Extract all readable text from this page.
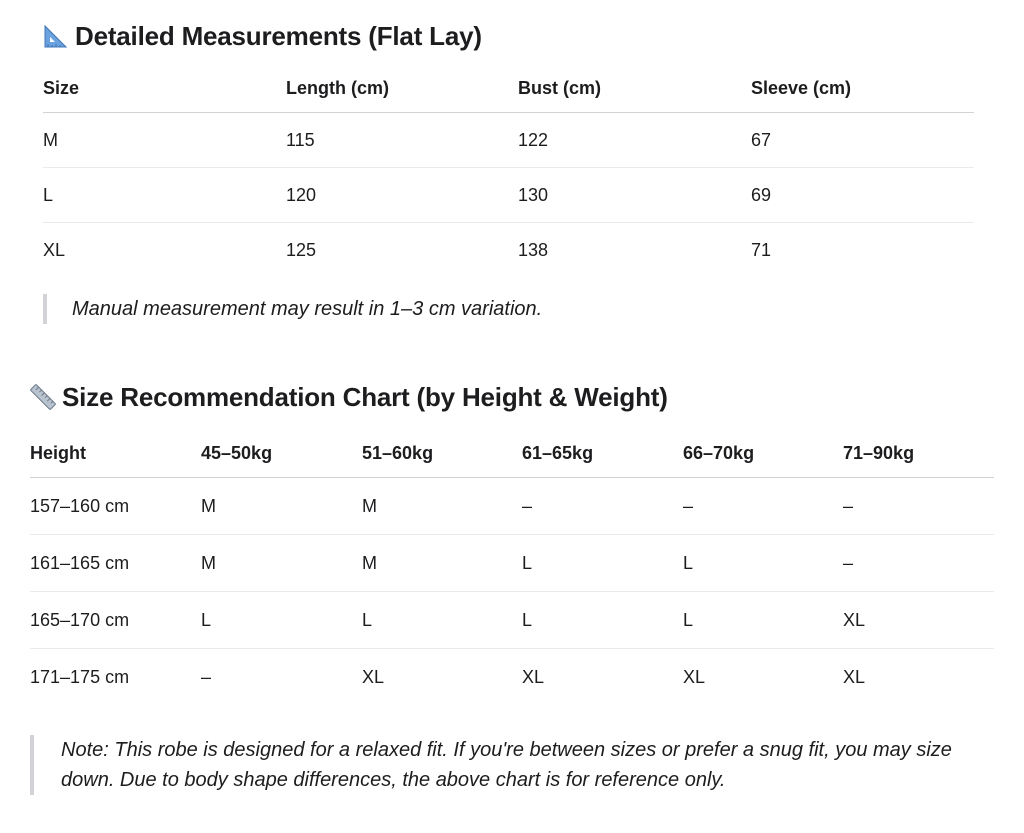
Detailed Measurements (Flat Lay)
Size	Length (cm)	Bust (cm)	Sleeve (cm)
M	115	122	67
L	120	130	69
XL	125	138	71
Manual measurement may result in 1–3 cm variation.
Size Recommendation Chart (by Height & Weight)
Height	45–50kg	51–60kg	61–65kg	66–70kg	71–90kg
157–160 cm	M	M	–	–	–
161–165 cm	M	M	L	L	–
165–170 cm	L	L	L	L	XL
171–175 cm	–	XL	XL	XL	XL
Note: This robe is designed for a relaxed fit. If you're between sizes or prefer a snug fit, you may size down. Due to body shape differences, the above chart is for reference only.
